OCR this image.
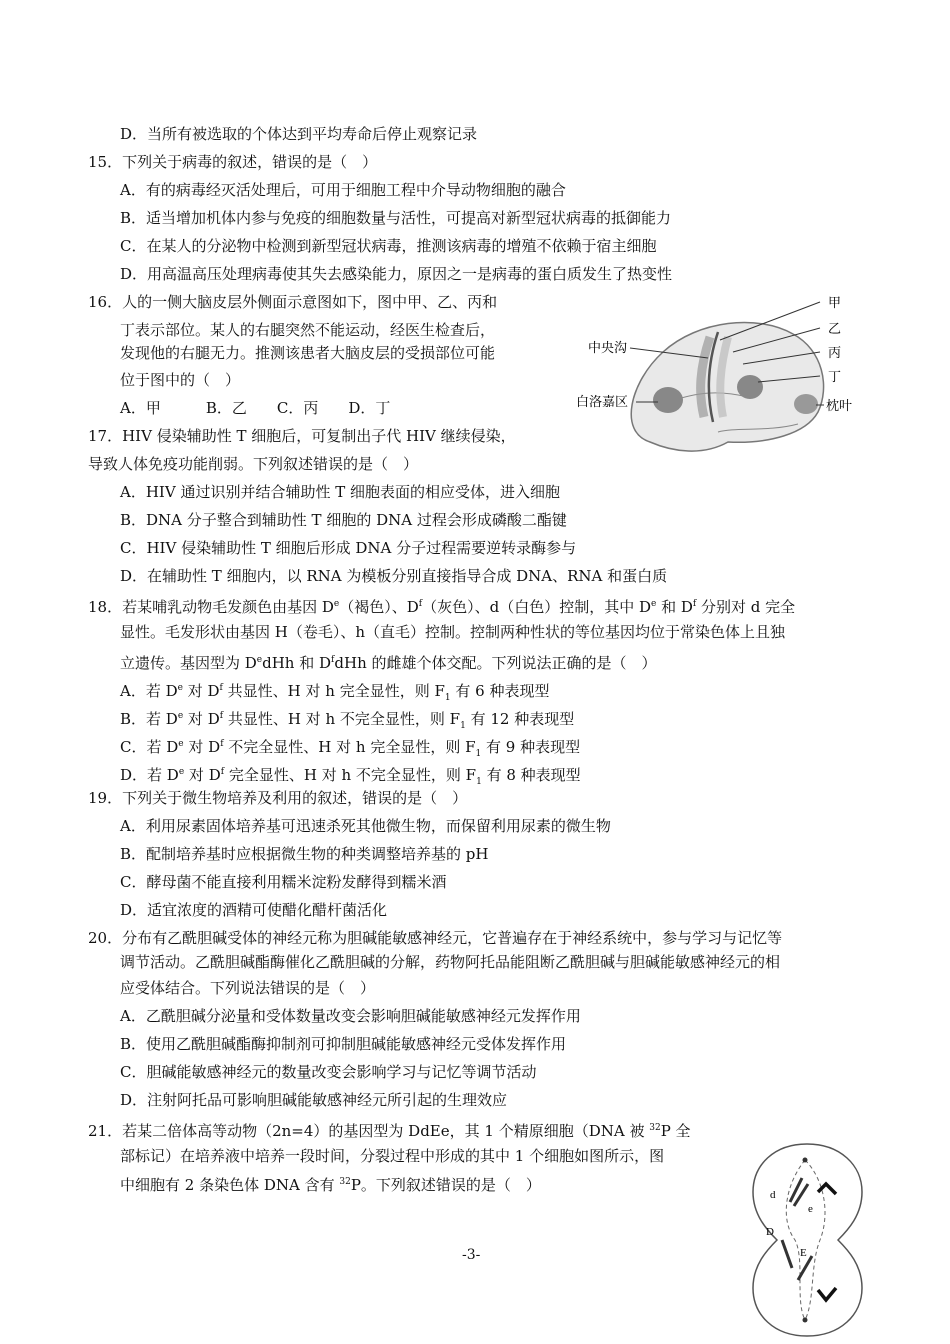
D．当所有被选取的个体达到平均寿命后停止观察记录
15．下列关于病毒的叙述，错误的是（　）
A．有的病毒经灭活处理后，可用于细胞工程中介导动物细胞的融合
B．适当增加机体内参与免疫的细胞数量与活性，可提高对新型冠状病毒的抵御能力
C．在某人的分泌物中检测到新型冠状病毒，推测该病毒的增殖不依赖于宿主细胞
D．用高温高压处理病毒使其失去感染能力，原因之一是病毒的蛋白质发生了热变性
16．人的一侧大脑皮层外侧面示意图如下，图中甲、乙、丙和
丁表示部位。某人的右腿突然不能运动，经医生检查后，
发现他的右腿无力。推测该患者大脑皮层的受损部位可能
位于图中的（　）
A．甲　　　B．乙　　C．丙　　D．丁
甲
乙
丙
丁
中央沟
白洛嘉区	枕叶
17．HIV 侵染辅助性 T 细胞后，可复制出子代 HIV 继续侵染，
导致人体免疫功能削弱。下列叙述错误的是（　）
A．HIV 通过识别并结合辅助性 T 细胞表面的相应受体，进入细胞
B．DNA 分子整合到辅助性 T 细胞的 DNA 过程会形成磷酸二酯键
C．HIV 侵染辅助性 T 细胞后形成 DNA 分子过程需要逆转录酶参与
D．在辅助性 T 细胞内，以 RNA 为模板分别直接指导合成 DNA、RNA 和蛋白质
18．若某哺乳动物毛发颜色由基因 De（褐色）、$D^f$（灰色）、d（白色）控制，其中 De 和 $D^f$ 分别对 d 完全
显性。毛发形状由基因 H（卷毛）、h（直毛）控制。控制两种性状的等位基因均位于常染色体上且独
立遗传。基因型为 DedHh 和 $D^fdHh$ 的雌雄个体交配。下列说法正确的是（　）
A．若 De 对 $D^f$ 共显性、H 对 h 完全显性，则 $F_1$ 有 6 种表现型
B．若 De 对 $D^f$ 共显性、H 对 h 不完全显性，则 $F_1$ 有 12 种表现型
C．若 De 对 $D^f$ 不完全显性、H 对 h 完全显性，则 $F_1$ 有 9 种表现型
D．若 De 对 $D^f$ 完全显性、H 对 h 不完全显性，则 $F_1$ 有 8 种表现型
19．下列关于微生物培养及利用的叙述，错误的是（　）
A．利用尿素固体培养基可迅速杀死其他微生物，而保留利用尿素的微生物
B．配制培养基时应根据微生物的种类调整培养基的 pH
C．酵母菌不能直接利用糯米淀粉发酵得到糯米酒
D．适宜浓度的酒精可使醋化醋杆菌活化
20．分布有乙酰胆碱受体的神经元称为胆碱能敏感神经元，它普遍存在于神经系统中，参与学习与记忆等
调节活动。乙酰胆碱酯酶催化乙酰胆碱的分解，药物阿托品能阻断乙酰胆碱与胆碱能敏感神经元的相
应受体结合。下列说法错误的是（　）
A．乙酰胆碱分泌量和受体数量改变会影响胆碱能敏感神经元发挥作用
B．使用乙酰胆碱酯酶抑制剂可抑制胆碱能敏感神经元受体发挥作用
C．胆碱能敏感神经元的数量改变会影响学习与记忆等调节活动
D．注射阿托品可影响胆碱能敏感神经元所引起的生理效应
21．若某二倍体高等动物（2n=4）的基因型为 DdEe，其 1 个精原细胞（DNA 被 $^{32}$P 全
部标记）在培养液中培养一段时间，分裂过程中形成的其中 1 个细胞如图所示，图
中细胞有 2 条染色体 DNA 含有 $^{32}$P。下列叙述错误的是（　）
d
D
e
E
-3-
